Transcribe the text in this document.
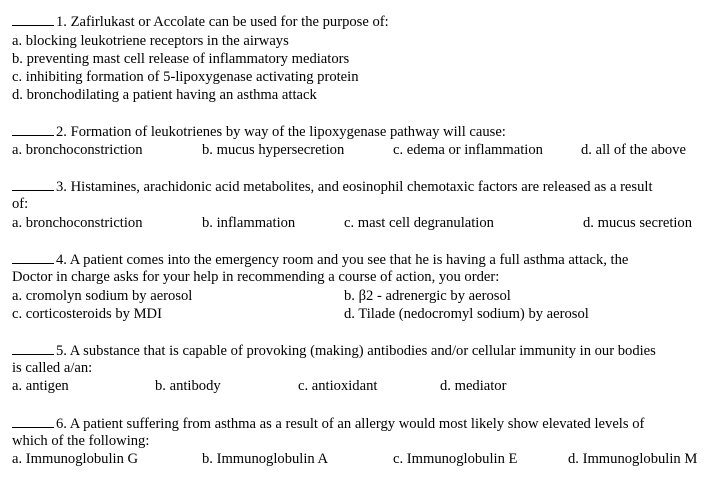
1. Zafirlukast or Accolate can be used for the purpose of:
a. blocking leukotriene receptors in the airways
b. preventing mast cell release of inflammatory mediators
c. inhibiting formation of 5-lipoxygenase activating protein
d. bronchodilating a patient having an asthma attack
2. Formation of leukotrienes by way of the lipoxygenase pathway will cause:
a. bronchoconstriction	b. mucus hypersecretion	c. edema or inflammation	d. all of the above
3. Histamines, arachidonic acid metabolites, and eosinophil chemotaxic factors are released as a result
of:
a. bronchoconstriction	b. inflammation	c. mast cell degranulation	d. mucus secretion
4. A patient comes into the emergency room and you see that he is having a full asthma attack, the
Doctor in charge asks for your help in recommending a course of action, you order:
a. cromolyn sodium by aerosol	b. β2 - adrenergic by aerosol
c. corticosteroids by MDI	d. Tilade (nedocromyl sodium) by aerosol
5. A substance that is capable of provoking (making) antibodies and/or cellular immunity in our bodies
is called a/an:
a. antigen	b. antibody	c. antioxidant	d. mediator
6. A patient suffering from asthma as a result of an allergy would most likely show elevated levels of
which of the following:
a. Immunoglobulin G	b. Immunoglobulin A	c. Immunoglobulin E	d. Immunoglobulin M
